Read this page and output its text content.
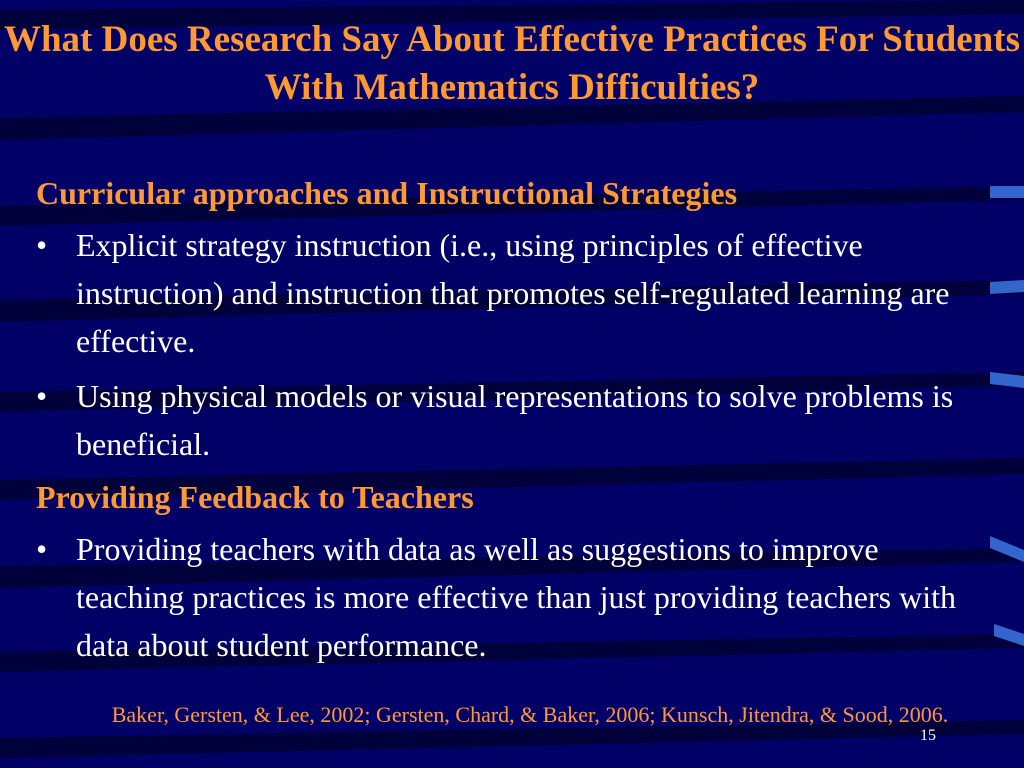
What Does Research Say About Effective Practices For Students With Mathematics Difficulties?
Curricular approaches and Instructional Strategies
• Explicit strategy instruction (i.e., using principles of effective instruction) and instruction that promotes self-regulated learning are effective.
• Using physical models or visual representations to solve problems is beneficial.
Providing Feedback to Teachers
• Providing teachers with data as well as suggestions to improve teaching practices is more effective than just providing teachers with data about student performance.
Baker, Gersten, & Lee, 2002; Gersten, Chard, & Baker, 2006; Kunsch, Jitendra, & Sood, 2006.
15
